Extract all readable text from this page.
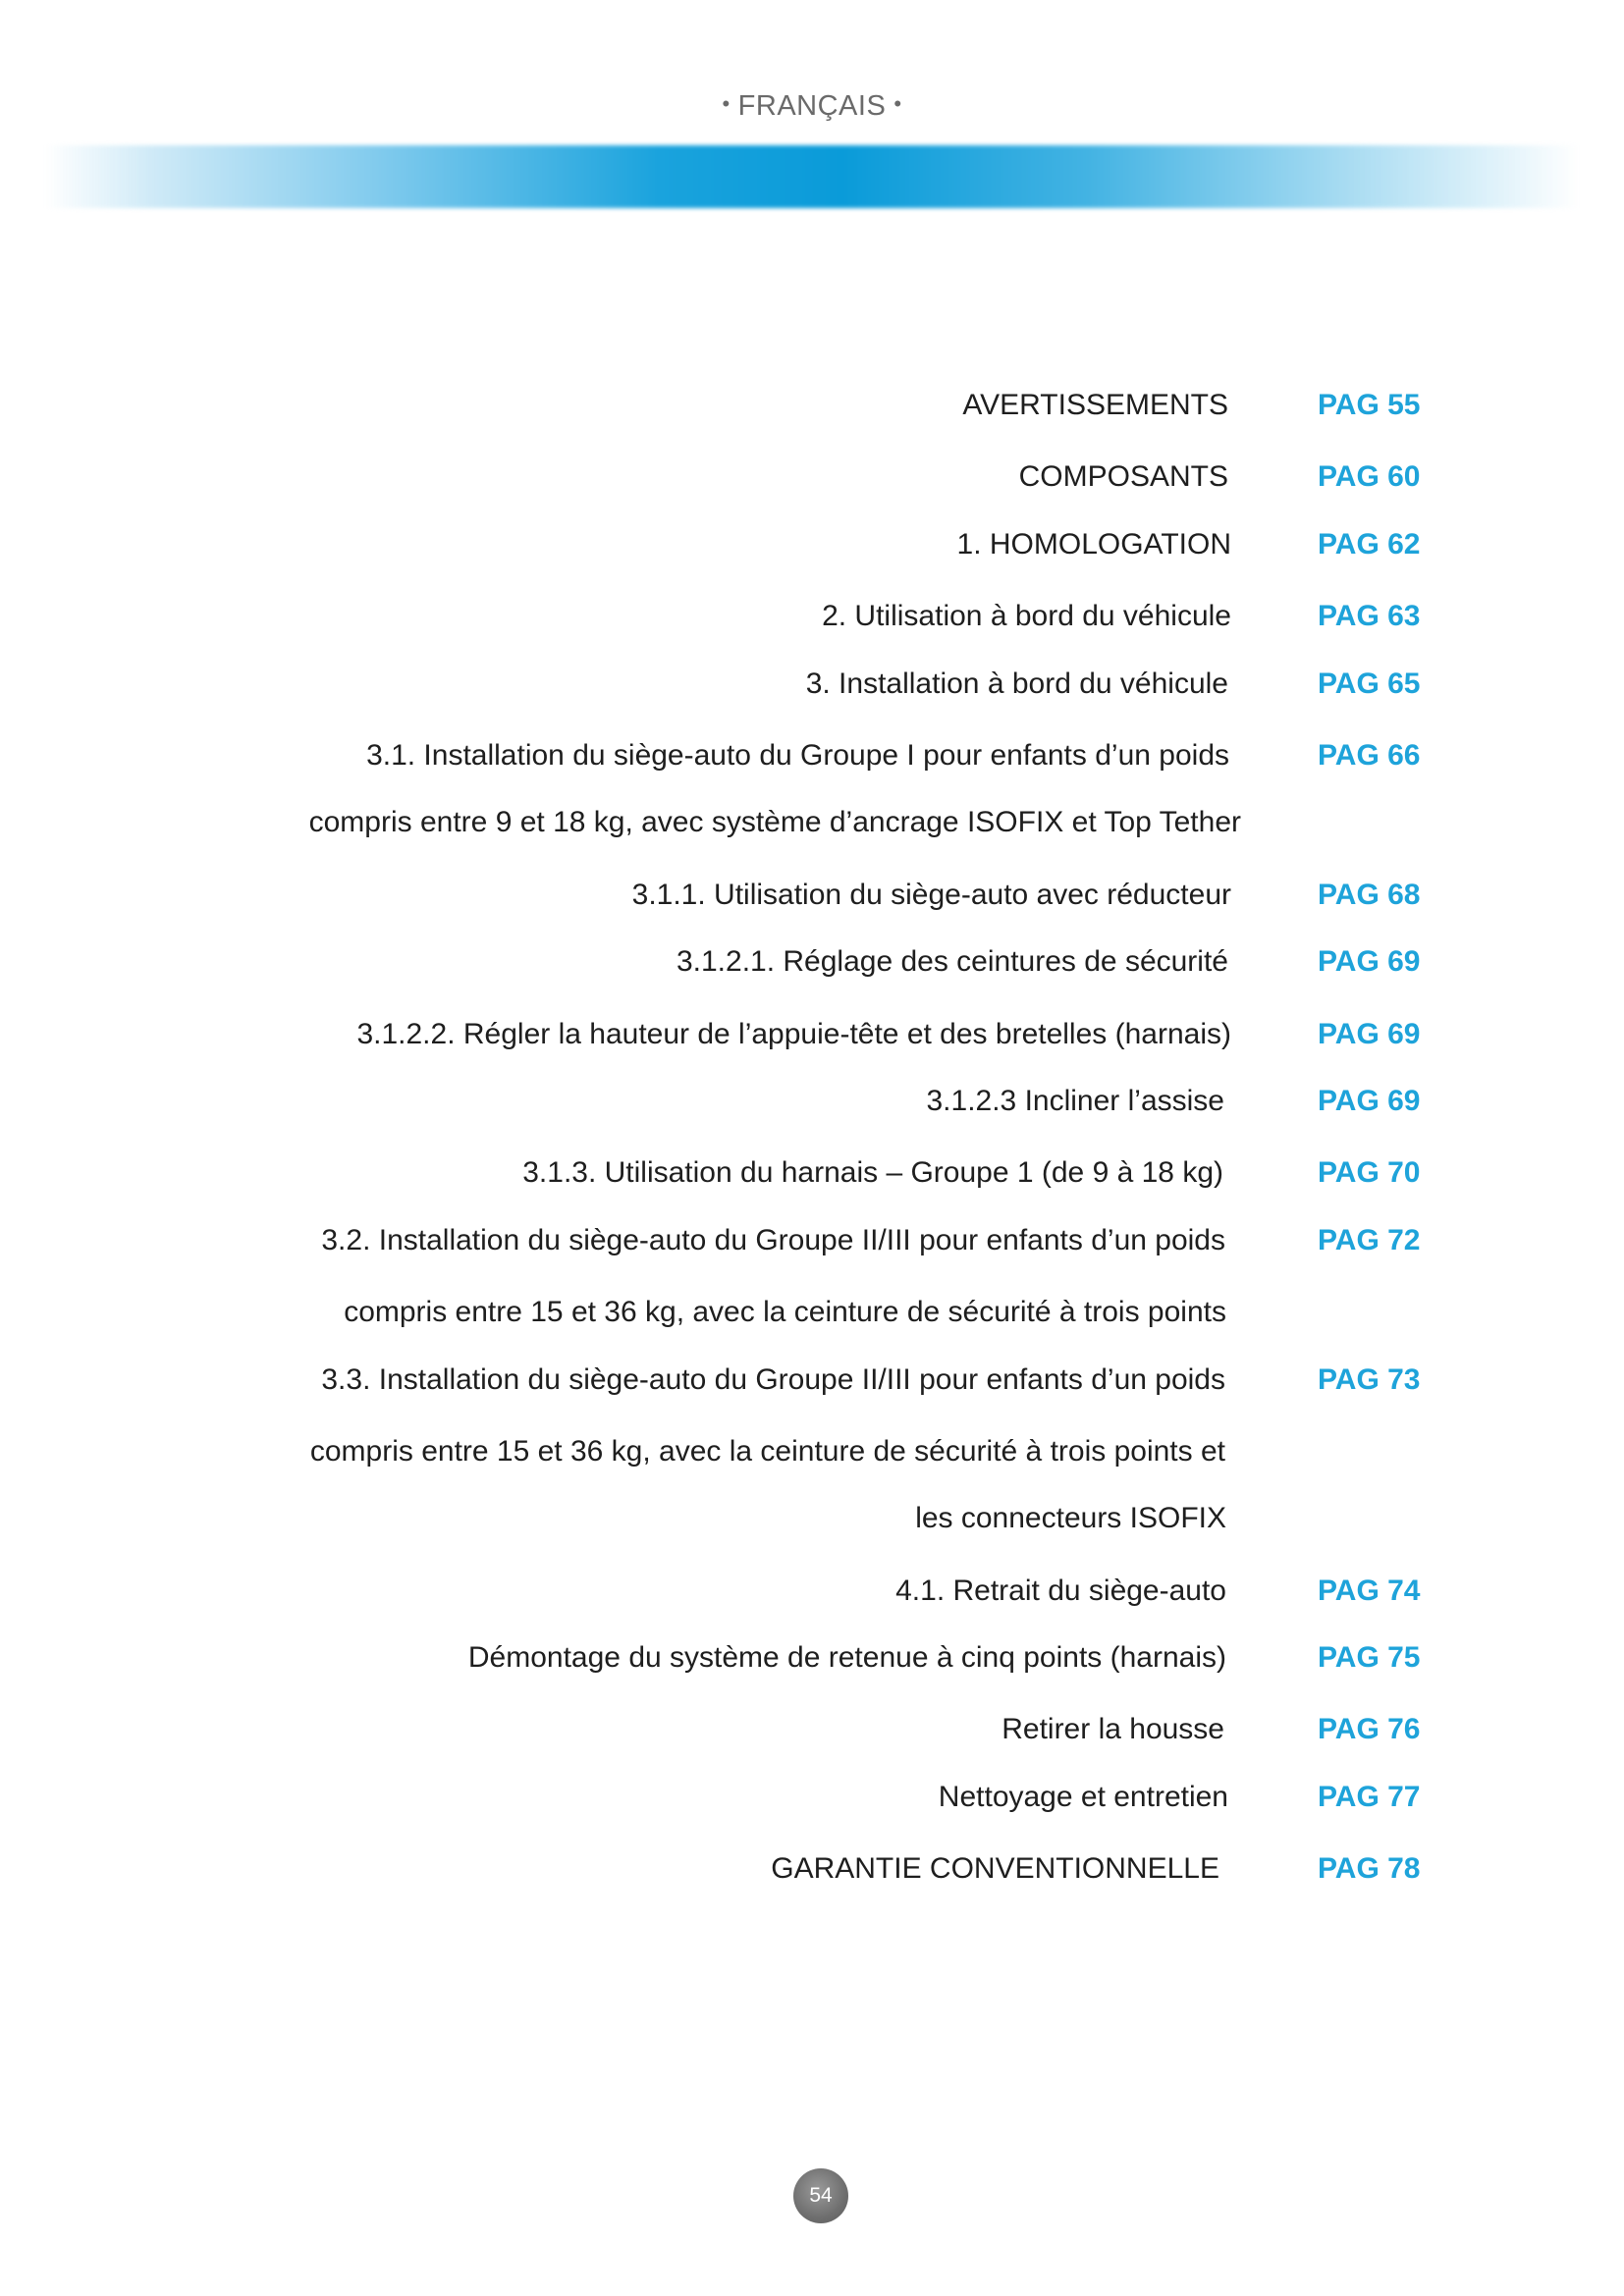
• FRANÇAIS •
AVERTISSEMENTS	PAG 55
COMPOSANTS	PAG 60
1. HOMOLOGATION	PAG 62
2. Utilisation à bord du véhicule	PAG 63
3. Installation à bord du véhicule	PAG 65
3.1. Installation du siège-auto du Groupe I pour enfants d’un poids	PAG 66
compris entre 9 et 18 kg, avec système d’ancrage ISOFIX et Top Tether
3.1.1. Utilisation du siège-auto avec réducteur	PAG 68
3.1.2.1. Réglage des ceintures de sécurité	PAG 69
3.1.2.2. Régler la hauteur de l’appuie-tête et des bretelles (harnais)	PAG 69
3.1.2.3 Incliner l’assise	PAG 69
3.1.3. Utilisation du harnais – Groupe 1 (de 9 à 18 kg)	PAG 70
3.2. Installation du siège-auto du Groupe II/III pour enfants d’un poids	PAG 72
compris entre 15 et 36 kg, avec la ceinture de sécurité à trois points
3.3. Installation du siège-auto du Groupe II/III pour enfants d’un poids	PAG 73
compris entre 15 et 36 kg, avec la ceinture de sécurité à trois points et
les connecteurs ISOFIX
4.1. Retrait du siège-auto	PAG 74
Démontage du système de retenue à cinq points (harnais)	PAG 75
Retirer la housse	PAG 76
Nettoyage et entretien	PAG 77
GARANTIE CONVENTIONNELLE	PAG 78
54
